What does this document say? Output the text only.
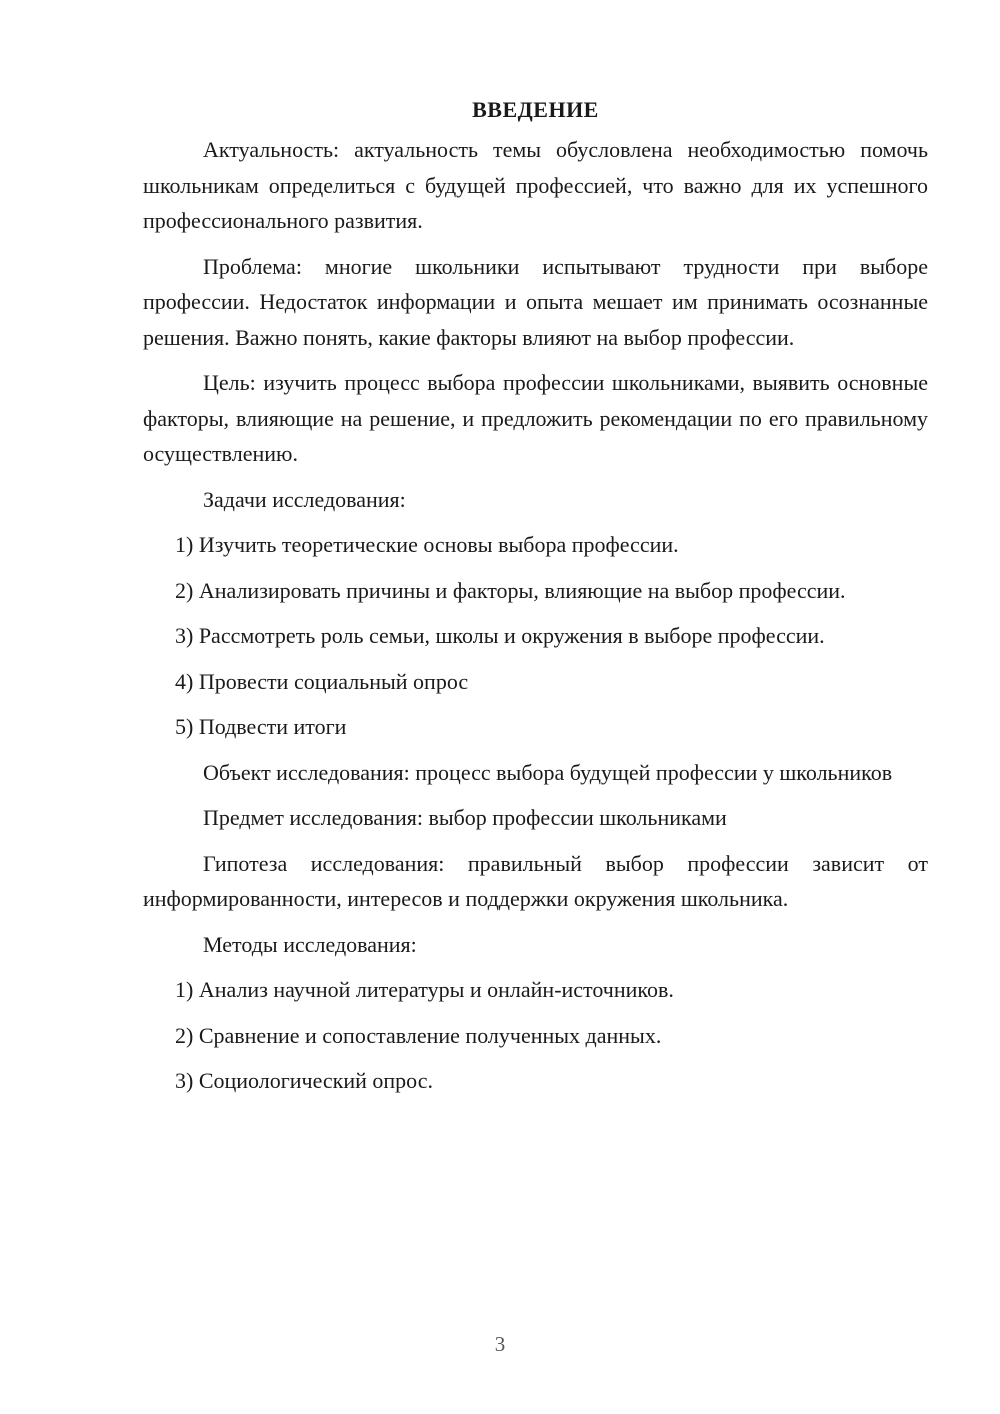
ВВЕДЕНИЕ

Актуальность: актуальность темы обусловлена необходимостью помочь школьникам определиться с будущей профессией, что важно для их успешного профессионального развития.

Проблема: многие школьники испытывают трудности при выборе профессии. Недостаток информации и опыта мешает им принимать осознанные решения. Важно понять, какие факторы влияют на выбор профессии.

Цель: изучить процесс выбора профессии школьниками, выявить основные факторы, влияющие на решение, и предложить рекомендации по его правильному осуществлению.

Задачи исследования:

1) Изучить теоретические основы выбора профессии.

2) Анализировать причины и факторы, влияющие на выбор профессии.

3) Рассмотреть роль семьи, школы и окружения в выборе профессии.

4) Провести социальный опрос

5) Подвести итоги

Объект исследования: процесс выбора будущей профессии у школьников

Предмет исследования: выбор профессии школьниками

Гипотеза исследования: правильный выбор профессии зависит от информированности, интересов и поддержки окружения школьника.

Методы исследования:

1) Анализ научной литературы и онлайн-источников.

2) Сравнение и сопоставление полученных данных.

3) Социологический опрос.

3
